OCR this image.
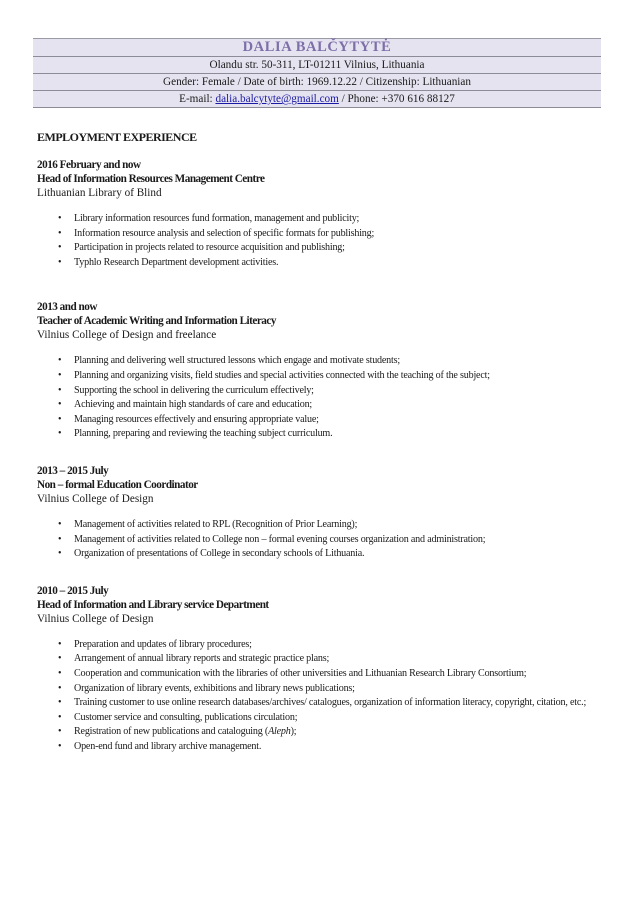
DALIA BALČYTYTĖ
Olandu str. 50-311, LT-01211 Vilnius, Lithuania
Gender: Female / Date of birth: 1969.12.22 / Citizenship: Lithuanian
E-mail: dalia.balcytyte@gmail.com / Phone: +370 616 88127
EMPLOYMENT EXPERIENCE
2016 February and now
Head of Information Resources Management Centre
Lithuanian Library of Blind
• Library information resources fund formation, management and publicity;
• Information resource analysis and selection of specific formats for publishing;
• Participation in projects related to resource acquisition and publishing;
• Typhlo Research Department development activities.
2013 and now
Teacher of Academic Writing and Information Literacy
Vilnius College of Design and freelance
• Planning and delivering well structured lessons which engage and motivate students;
• Planning and organizing visits, field studies and special activities connected with the teaching of the subject;
• Supporting the school in delivering the curriculum effectively;
• Achieving and maintain high standards of care and education;
• Managing resources effectively and ensuring appropriate value;
• Planning, preparing and reviewing the teaching subject curriculum.
2013 – 2015 July
Non – formal Education Coordinator
Vilnius College of Design
• Management of activities related to RPL (Recognition of Prior Learning);
• Management of activities related to College non – formal evening courses organization and administration;
• Organization of presentations of College in secondary schools of Lithuania.
2010 – 2015 July
Head of Information and Library service Department
Vilnius College of Design
• Preparation and updates of library procedures;
• Arrangement of annual library reports and strategic practice plans;
• Cooperation and communication with the libraries of other universities and Lithuanian Research Library Consortium;
• Organization of library events, exhibitions and library news publications;
• Training customer to use online research databases/archives/ catalogues, organization of information literacy, copyright, citation, etc.;
• Customer service and consulting, publications circulation;
• Registration of new publications and cataloguing (Aleph);
• Open-end fund and library archive management.
